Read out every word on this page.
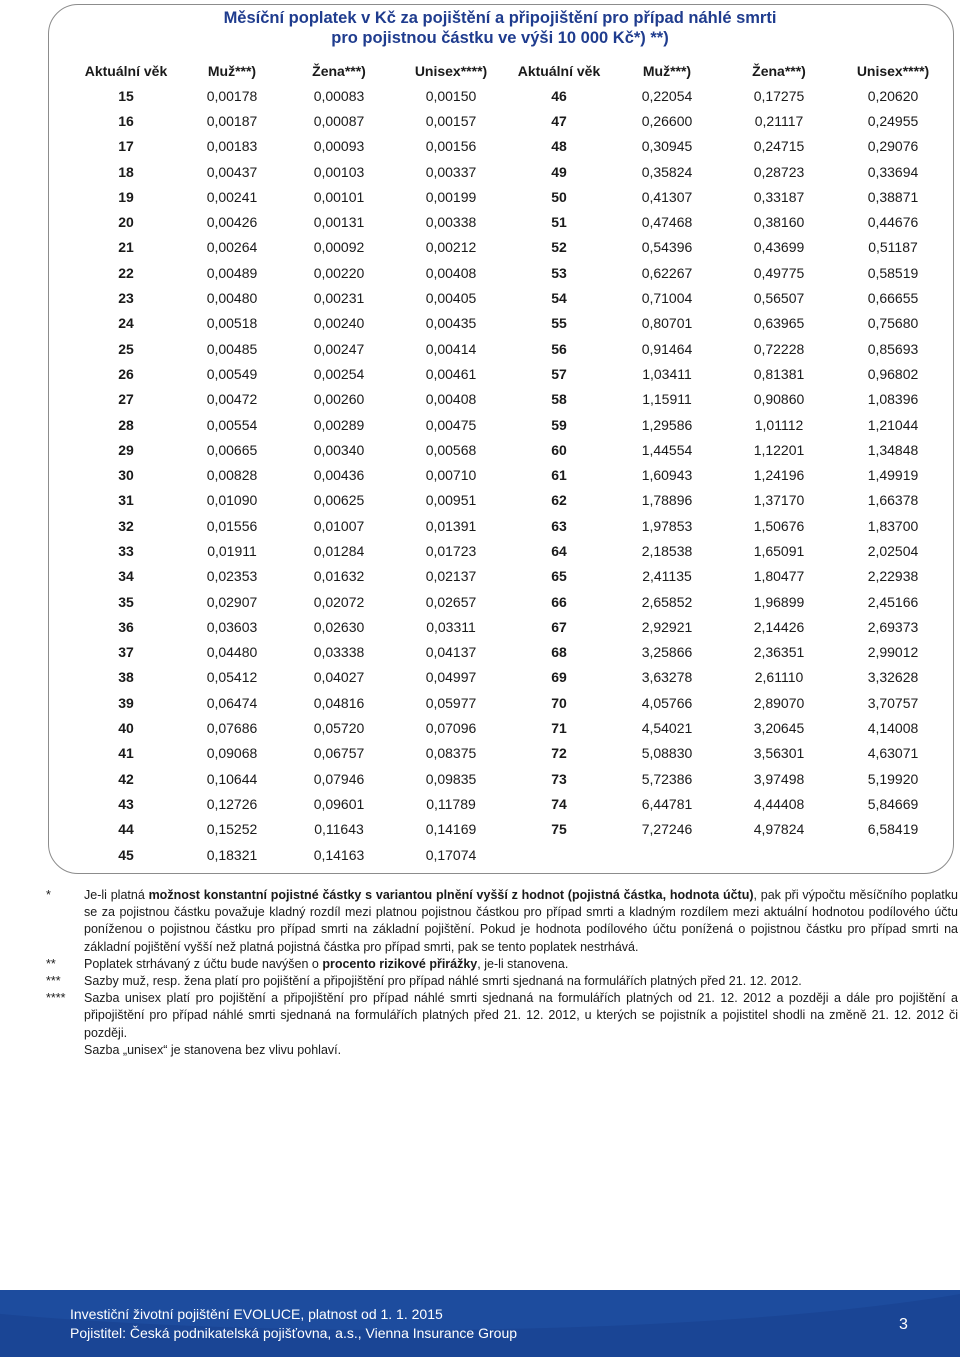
Měsíční poplatek v Kč za pojištění a připojištění pro případ náhlé smrti
pro pojistnou částku ve výši 10 000 Kč*) **)
Aktuální věk	Muž***)	Žena***)	Unisex****)	Aktuální věk	Muž***)	Žena***)	Unisex****)
15	0,00178	0,00083	0,00150	46	0,22054	0,17275	0,20620
16	0,00187	0,00087	0,00157	47	0,26600	0,21117	0,24955
17	0,00183	0,00093	0,00156	48	0,30945	0,24715	0,29076
18	0,00437	0,00103	0,00337	49	0,35824	0,28723	0,33694
19	0,00241	0,00101	0,00199	50	0,41307	0,33187	0,38871
20	0,00426	0,00131	0,00338	51	0,47468	0,38160	0,44676
21	0,00264	0,00092	0,00212	52	0,54396	0,43699	0,51187
22	0,00489	0,00220	0,00408	53	0,62267	0,49775	0,58519
23	0,00480	0,00231	0,00405	54	0,71004	0,56507	0,66655
24	0,00518	0,00240	0,00435	55	0,80701	0,63965	0,75680
25	0,00485	0,00247	0,00414	56	0,91464	0,72228	0,85693
26	0,00549	0,00254	0,00461	57	1,03411	0,81381	0,96802
27	0,00472	0,00260	0,00408	58	1,15911	0,90860	1,08396
28	0,00554	0,00289	0,00475	59	1,29586	1,01112	1,21044
29	0,00665	0,00340	0,00568	60	1,44554	1,12201	1,34848
30	0,00828	0,00436	0,00710	61	1,60943	1,24196	1,49919
31	0,01090	0,00625	0,00951	62	1,78896	1,37170	1,66378
32	0,01556	0,01007	0,01391	63	1,97853	1,50676	1,83700
33	0,01911	0,01284	0,01723	64	2,18538	1,65091	2,02504
34	0,02353	0,01632	0,02137	65	2,41135	1,80477	2,22938
35	0,02907	0,02072	0,02657	66	2,65852	1,96899	2,45166
36	0,03603	0,02630	0,03311	67	2,92921	2,14426	2,69373
37	0,04480	0,03338	0,04137	68	3,25866	2,36351	2,99012
38	0,05412	0,04027	0,04997	69	3,63278	2,61110	3,32628
39	0,06474	0,04816	0,05977	70	4,05766	2,89070	3,70757
40	0,07686	0,05720	0,07096	71	4,54021	3,20645	4,14008
41	0,09068	0,06757	0,08375	72	5,08830	3,56301	4,63071
42	0,10644	0,07946	0,09835	73	5,72386	3,97498	5,19920
43	0,12726	0,09601	0,11789	74	6,44781	4,44408	5,84669
44	0,15252	0,11643	0,14169	75	7,27246	4,97824	6,58419
45	0,18321	0,14163	0,17074				
*	Je-li platná možnost konstantní pojistné částky s variantou plnění vyšší z hodnot (pojistná částka, hodnota účtu), pak při výpočtu měsíčního poplatku se za pojistnou částku považuje kladný rozdíl mezi platnou pojistnou částkou pro případ smrti a kladným rozdílem mezi aktuální hodnotou podílového účtu poníženou o pojistnou částku pro případ smrti na základní pojištění. Pokud je hodnota podílového účtu ponížená o pojistnou částku pro případ smrti na základní pojištění vyšší než platná pojistná částka pro případ smrti, pak se tento poplatek nestrhává.
**	Poplatek strhávaný z účtu bude navýšen o procento rizikové přirážky, je-li stanovena.
***	Sazby muž, resp. žena platí pro pojištění a připojištění pro případ náhlé smrti sjednaná na formulářích platných před 21. 12. 2012.
****	Sazba unisex platí pro pojištění a připojištění pro případ náhlé smrti sjednaná na formulářích platných od 21. 12. 2012 a později a dále pro pojištění a připojištění pro případ náhlé smrti sjednaná na formulářích platných před 21. 12. 2012, u kterých se pojistník a pojistitel shodli na změně 21. 12. 2012 či později.
Sazba „unisex“ je stanovena bez vlivu pohlaví.
Investiční životní pojištění EVOLUCE, platnost od 1. 1. 2015
Pojistitel: Česká podnikatelská pojišťovna, a.s., Vienna Insurance Group	3
